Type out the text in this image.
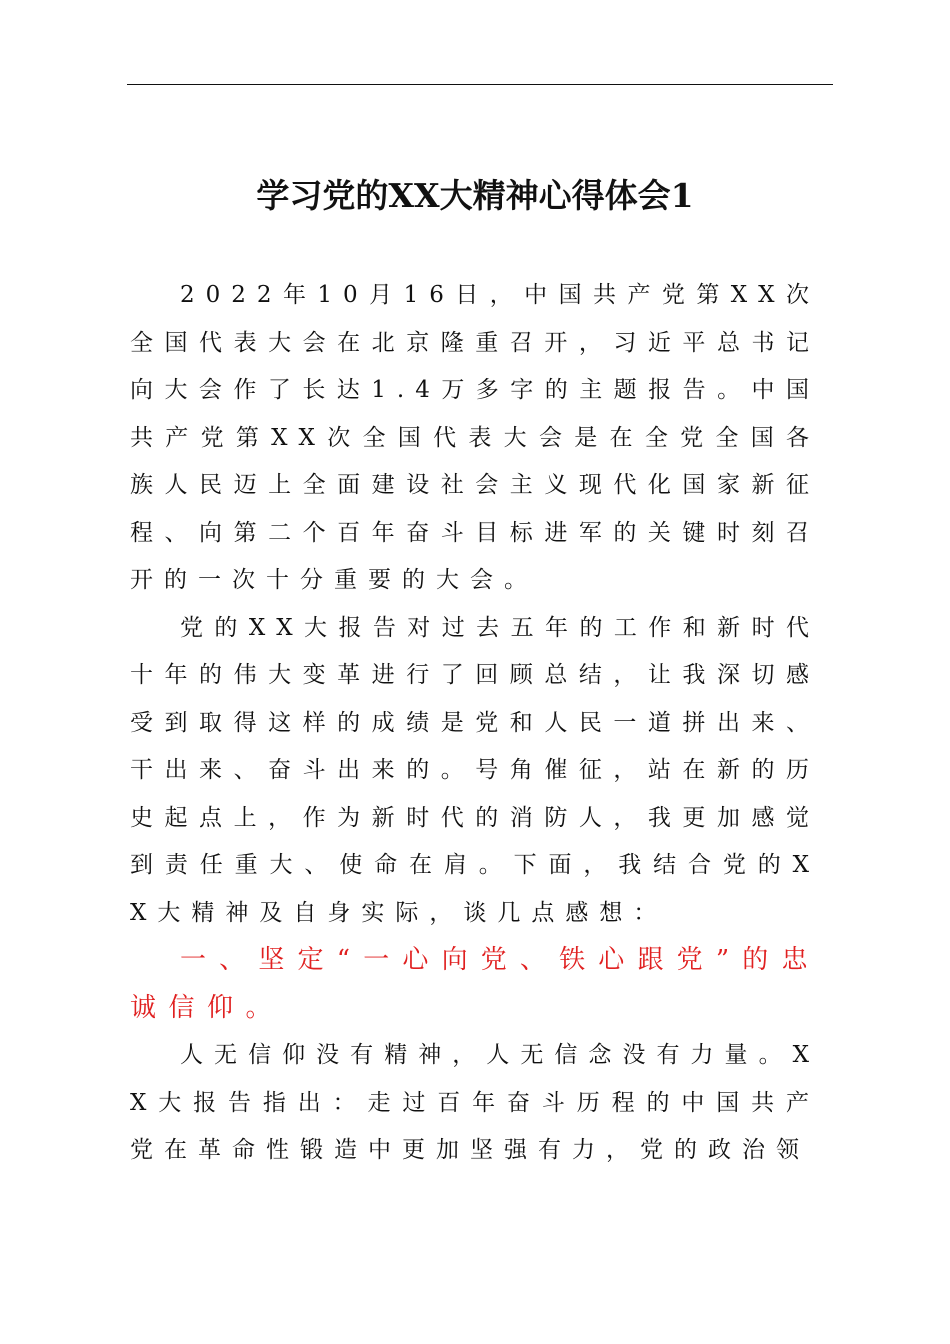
学习党的XX大精神心得体会1

2022年10月16日，中国共产党第XX次全国代表大会在北京隆重召开，习近平总书记向大会作了长达1.4万多字的主题报告。中国共产党第XX次全国代表大会是在全党全国各族人民迈上全面建设社会主义现代化国家新征程、向第二个百年奋斗目标进军的关键时刻召开的一次十分重要的大会。

党的XX大报告对过去五年的工作和新时代十年的伟大变革进行了回顾总结，让我深切感受到取得这样的成绩是党和人民一道拼出来、干出来、奋斗出来的。号角催征，站在新的历史起点上，作为新时代的消防人，我更加感觉到责任重大、使命在肩。下面，我结合党的XX大精神及自身实际，谈几点感想：

一、坚定“一心向党、铁心跟党”的忠诚信仰。

人无信仰没有精神，人无信念没有力量。XX大报告指出：走过百年奋斗历程的中国共产党在革命性锻造中更加坚强有力，党的政治领
